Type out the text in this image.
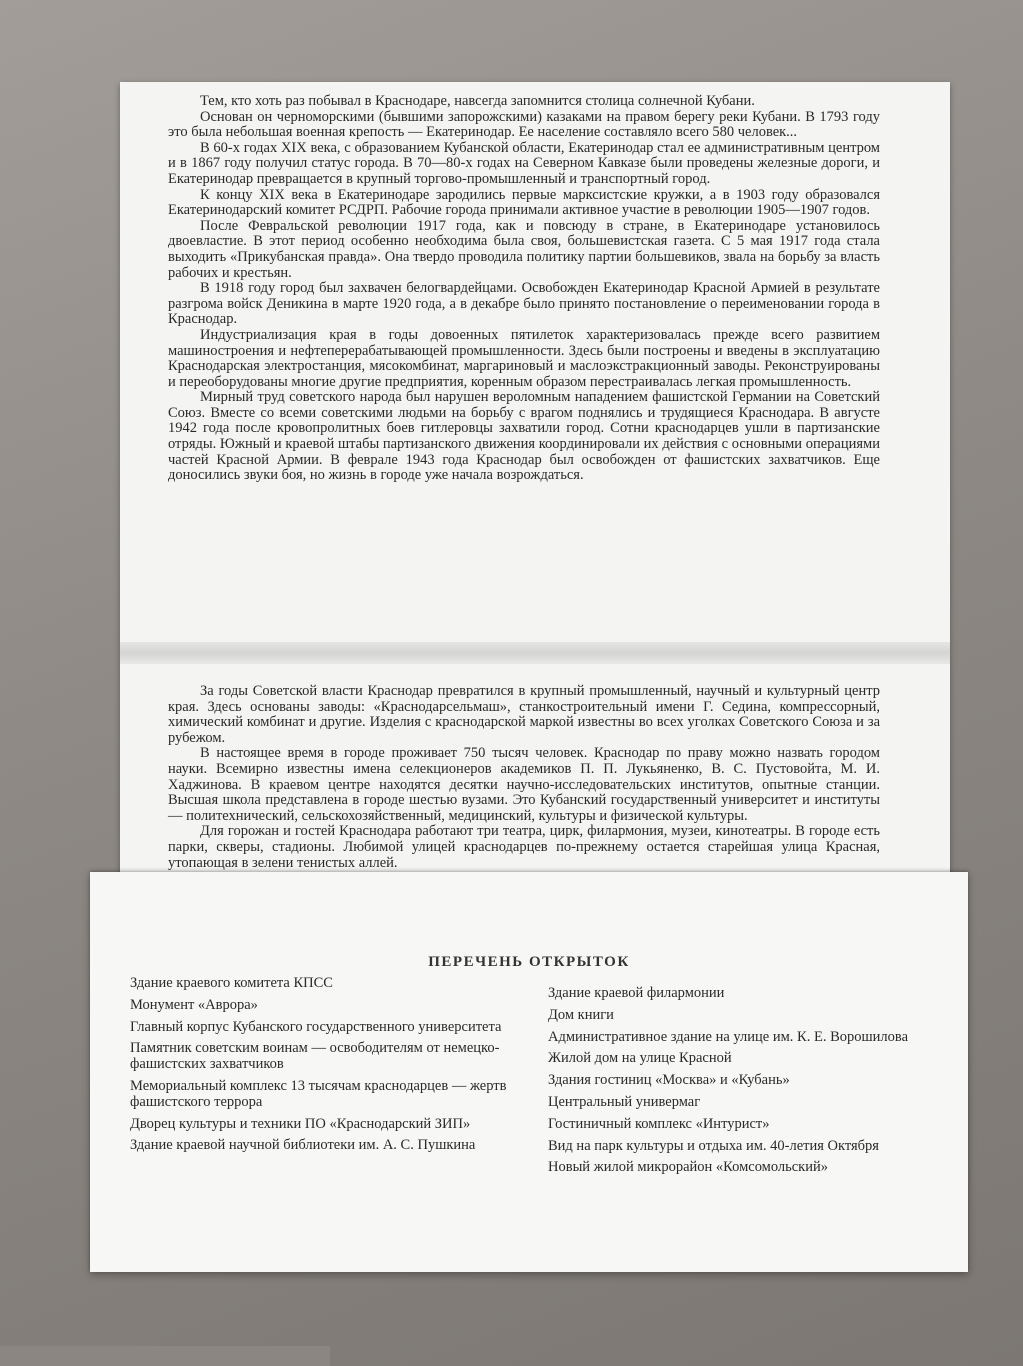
Тем, кто хоть раз побывал в Краснодаре, навсегда запомнится столица солнечной Кубани.

Основан он черноморскими (бывшими запорожскими) казаками на правом берегу реки Кубани. В 1793 году это была небольшая военная крепость — Екатеринодар. Ее население составляло всего 580 человек...

В 60-х годах XIX века, с образованием Кубанской области, Екатеринодар стал ее административным центром и в 1867 году получил статус города. В 70—80-х годах на Северном Кавказе были проведены железные дороги, и Екатеринодар превращается в крупный торгово-промышленный и транспортный город.

К концу XIX века в Екатеринодаре зародились первые марксистские кружки, а в 1903 году образовался Екатеринодарский комитет РСДРП. Рабочие города принимали активное участие в революции 1905—1907 годов.

После Февральской революции 1917 года, как и повсюду в стране, в Екатеринодаре установилось двоевластие. В этот период особенно необходима была своя, большевистская газета. С 5 мая 1917 года стала выходить «Прикубанская правда». Она твердо проводила политику партии большевиков, звала на борьбу за власть рабочих и крестьян.

В 1918 году город был захвачен белогвардейцами. Освобожден Екатеринодар Красной Армией в результате разгрома войск Деникина в марте 1920 года, а в декабре было принято постановление о переименовании города в Краснодар.

Индустриализация края в годы довоенных пятилеток характеризовалась прежде всего развитием машиностроения и нефтеперерабатывающей промышленности. Здесь были построены и введены в эксплуатацию Краснодарская электростанция, мясокомбинат, маргариновый и маслоэкстракционный заводы. Реконструированы и переоборудованы многие другие предприятия, коренным образом перестраивалась легкая промышленность.

Мирный труд советского народа был нарушен вероломным нападением фашистской Германии на Советский Союз. Вместе со всеми советскими людьми на борьбу с врагом поднялись и трудящиеся Краснодара. В августе 1942 года после кровопролитных боев гитлеровцы захватили город. Сотни краснодарцев ушли в партизанские отряды. Южный и краевой штабы партизанского движения координировали их действия с основными операциями частей Красной Армии. В феврале 1943 года Краснодар был освобожден от фашистских захватчиков. Еще доносились звуки боя, но жизнь в городе уже начала возрождаться.

За годы Советской власти Краснодар превратился в крупный промышленный, научный и культурный центр края. Здесь основаны заводы: «Краснодарсельмаш», станкостроительный имени Г. Седина, компрессорный, химический комбинат и другие. Изделия с краснодарской маркой известны во всех уголках Советского Союза и за рубежом.

В настоящее время в городе проживает 750 тысяч человек. Краснодар по праву можно назвать городом науки. Всемирно известны имена селекционеров академиков П. П. Лукьяненко, В. С. Пустовойта, М. И. Хаджинова. В краевом центре находятся десятки научно-исследовательских институтов, опытные станции. Высшая школа представлена в городе шестью вузами. Это Кубанский государственный университет и институты — политехнический, сельскохозяйственный, медицинский, культуры и физической культуры.

Для горожан и гостей Краснодара работают три театра, цирк, филармония, музеи, кинотеатры. В городе есть парки, скверы, стадионы. Любимой улицей краснодарцев по-прежнему остается старейшая улица Красная, утопающая в зелени тенистых аллей.

ПЕРЕЧЕНЬ ОТКРЫТОК
Здание краевого комитета КПСС
Монумент «Аврора»
Главный корпус Кубанского государственного университета
Памятник советским воинам — освободителям от немецко-фашистских захватчиков
Мемориальный комплекс 13 тысячам краснодарцев — жертв фашистского террора
Дворец культуры и техники ПО «Краснодарский ЗИП»
Здание краевой научной библиотеки им. А. С. Пушкина
Здание краевой филармонии
Дом книги
Административное здание на улице им. К. Е. Ворошилова
Жилой дом на улице Красной
Здания гостиниц «Москва» и «Кубань»
Центральный универмаг
Гостиничный комплекс «Интурист»
Вид на парк культуры и отдыха им. 40-летия Октября
Новый жилой микрорайон «Комсомольский»
